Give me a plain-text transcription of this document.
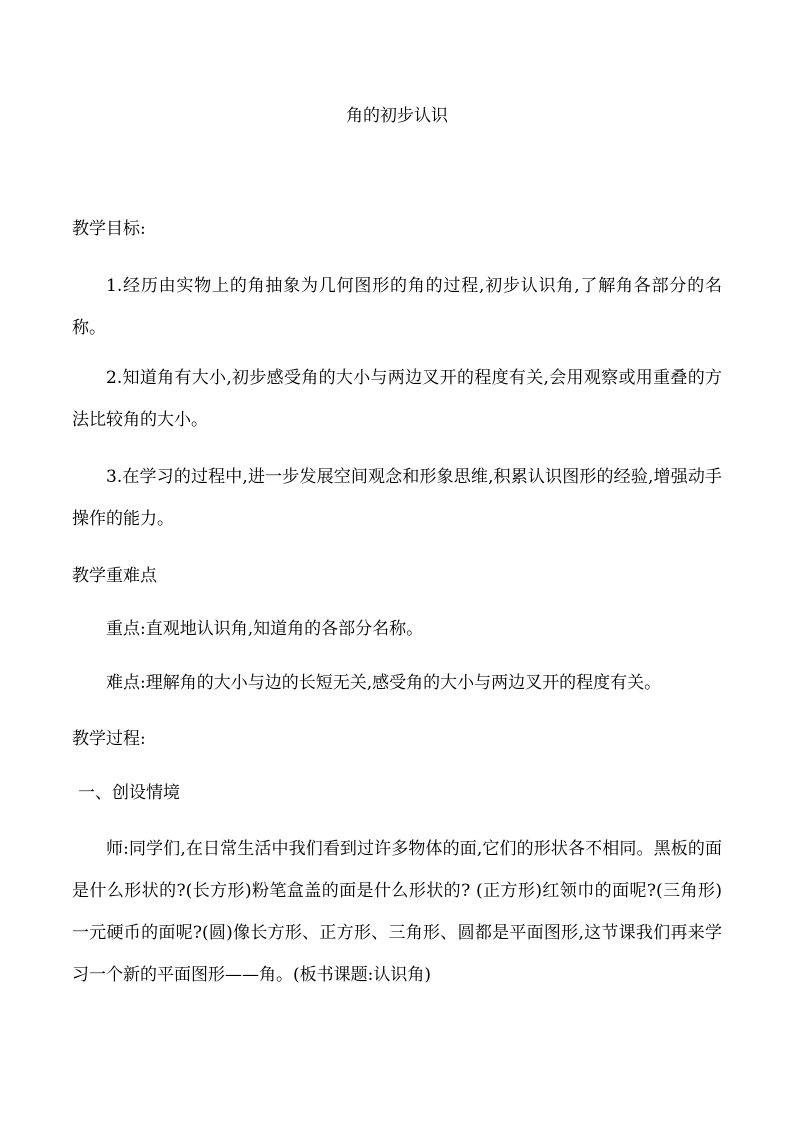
角的初步认识
教学目标:

1.经历由实物上的角抽象为几何图形的角的过程,初步认识角,了解角各部分的名称。

2.知道角有大小,初步感受角的大小与两边叉开的程度有关,会用观察或用重叠的方法比较角的大小。

3.在学习的过程中,进一步发展空间观念和形象思维,积累认识图形的经验,增强动手操作的能力。

教学重难点
重点:直观地认识角,知道角的各部分名称。
难点:理解角的大小与边的长短无关,感受角的大小与两边叉开的程度有关。
教学过程:
一、创设情境

师:同学们,在日常生活中我们看到过许多物体的面,它们的形状各不相同。黑板的面是什么形状的?(长方形)粉笔盒盖的面是什么形状的? (正方形)红领巾的面呢?(三角形)一元硬币的面呢?(圆)像长方形、正方形、三角形、圆都是平面图形,这节课我们再来学习一个新的平面图形——角。(板书课题:认识角)
